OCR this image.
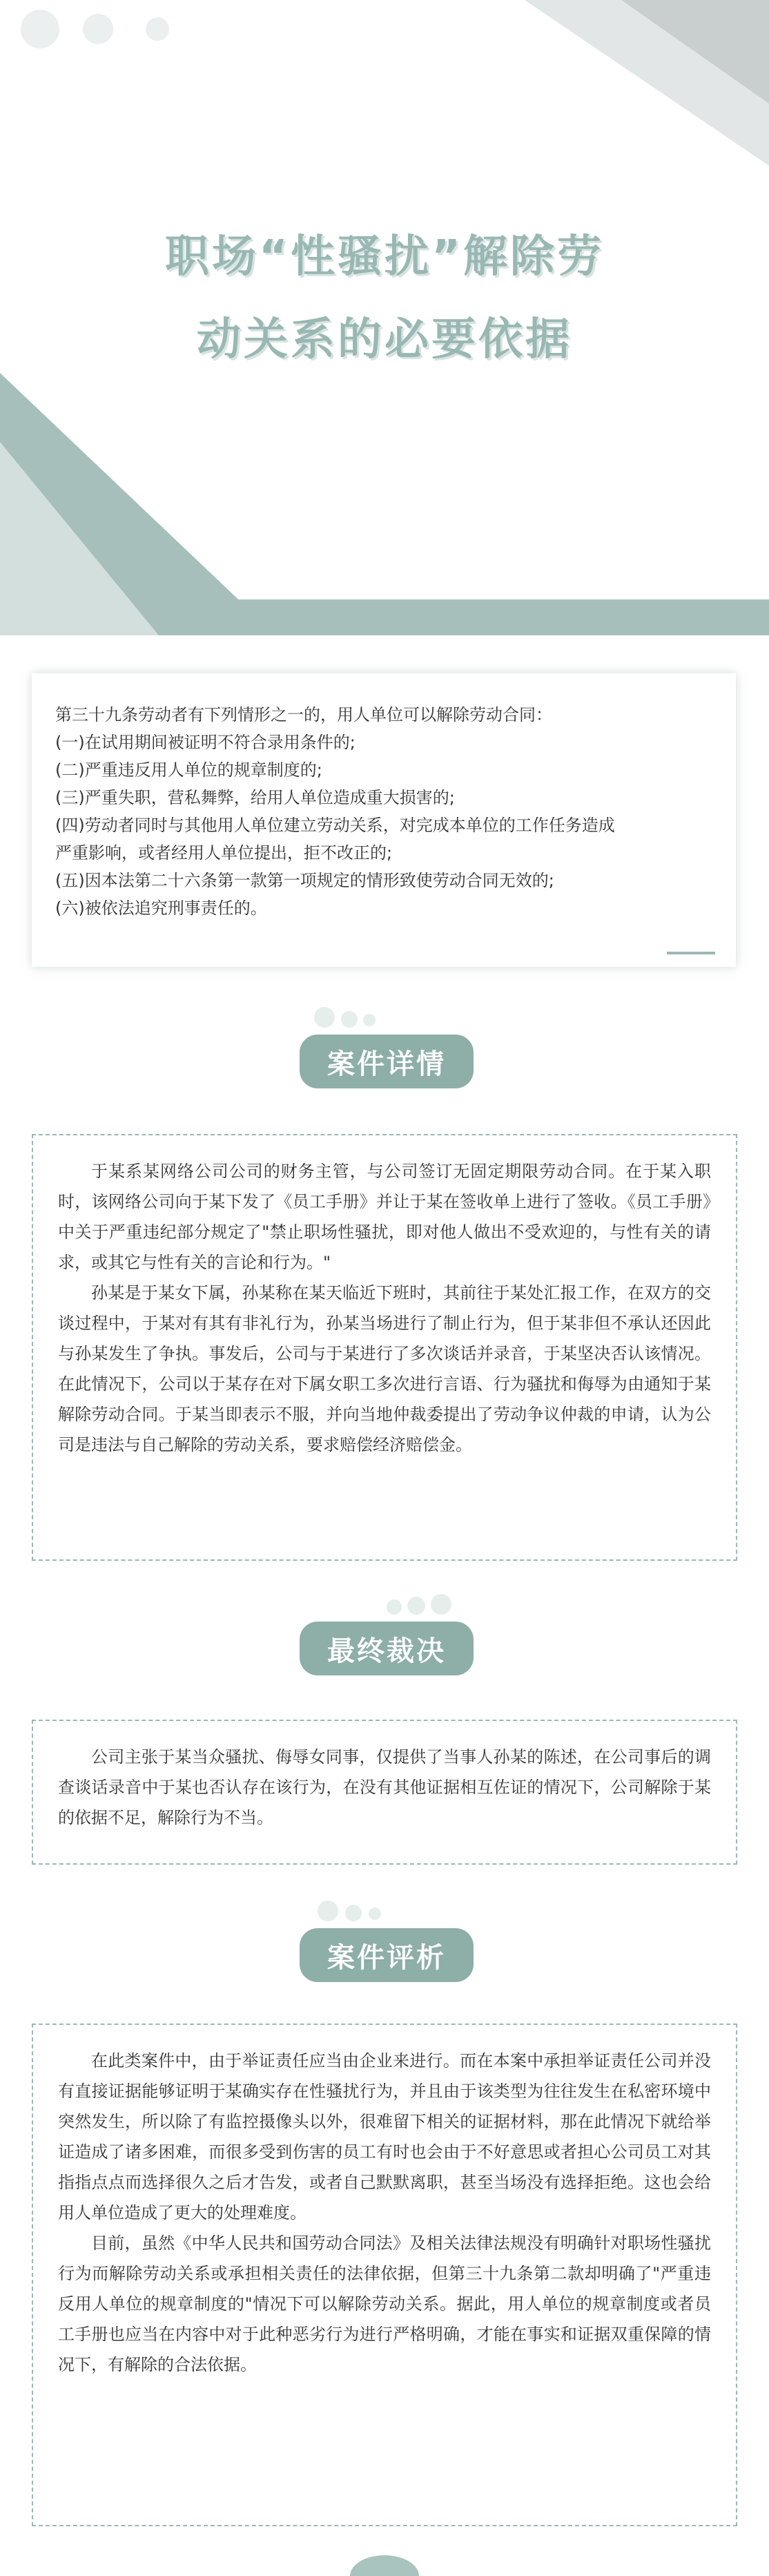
职场“性骚扰”解除劳
动关系的必要依据

第三十九条劳动者有下列情形之一的，用人单位可以解除劳动合同：

(一)在试用期间被证明不符合录用条件的;

(二)严重违反用人单位的规章制度的;

(三)严重失职，营私舞弊，给用人单位造成重大损害的;

(四)劳动者同时与其他用人单位建立劳动关系，对完成本单位的工作任务造成

严重影响，或者经用人单位提出，拒不改正的;

(五)因本法第二十六条第一款第一项规定的情形致使劳动合同无效的;

(六)被依法追究刑事责任的。

案件详情

于某系某网络公司公司的财务主管，与公司签订无固定期限劳动合同。在于某入职时，该网络公司向于某下发了《员工手册》并让于某在签收单上进行了签收。《员工手册》中关于严重违纪部分规定了"禁止职场性骚扰，即对他人做出不受欢迎的，与性有关的请求，或其它与性有关的言论和行为。"

孙某是于某女下属，孙某称在某天临近下班时，其前往于某处汇报工作，在双方的交谈过程中，于某对有其有非礼行为，孙某当场进行了制止行为，但于某非但不承认还因此与孙某发生了争执。事发后，公司与于某进行了多次谈话并录音，于某坚决否认该情况。在此情况下，公司以于某存在对下属女职工多次进行言语、行为骚扰和侮辱为由通知于某解除劳动合同。于某当即表示不服，并向当地仲裁委提出了劳动争议仲裁的申请，认为公司是违法与自己解除的劳动关系，要求赔偿经济赔偿金。

最终裁决

公司主张于某当众骚扰、侮辱女同事，仅提供了当事人孙某的陈述，在公司事后的调查谈话录音中于某也否认存在该行为，在没有其他证据相互佐证的情况下，公司解除于某的依据不足，解除行为不当。

案件评析

在此类案件中，由于举证责任应当由企业来进行。而在本案中承担举证责任公司并没有直接证据能够证明于某确实存在性骚扰行为，并且由于该类型为往往发生在私密环境中突然发生，所以除了有监控摄像头以外，很难留下相关的证据材料，那在此情况下就给举证造成了诸多困难，而很多受到伤害的员工有时也会由于不好意思或者担心公司员工对其指指点点而选择很久之后才告发，或者自己默默离职，甚至当场没有选择拒绝。这也会给用人单位造成了更大的处理难度。

目前，虽然《中华人民共和国劳动合同法》及相关法律法规没有明确针对职场性骚扰行为而解除劳动关系或承担相关责任的法律依据，但第三十九条第二款却明确了"严重违反用人单位的规章制度的"情况下可以解除劳动关系。据此，用人单位的规章制度或者员工手册也应当在内容中对于此种恶劣行为进行严格明确，才能在事实和证据双重保障的情况下，有解除的合法依据。
